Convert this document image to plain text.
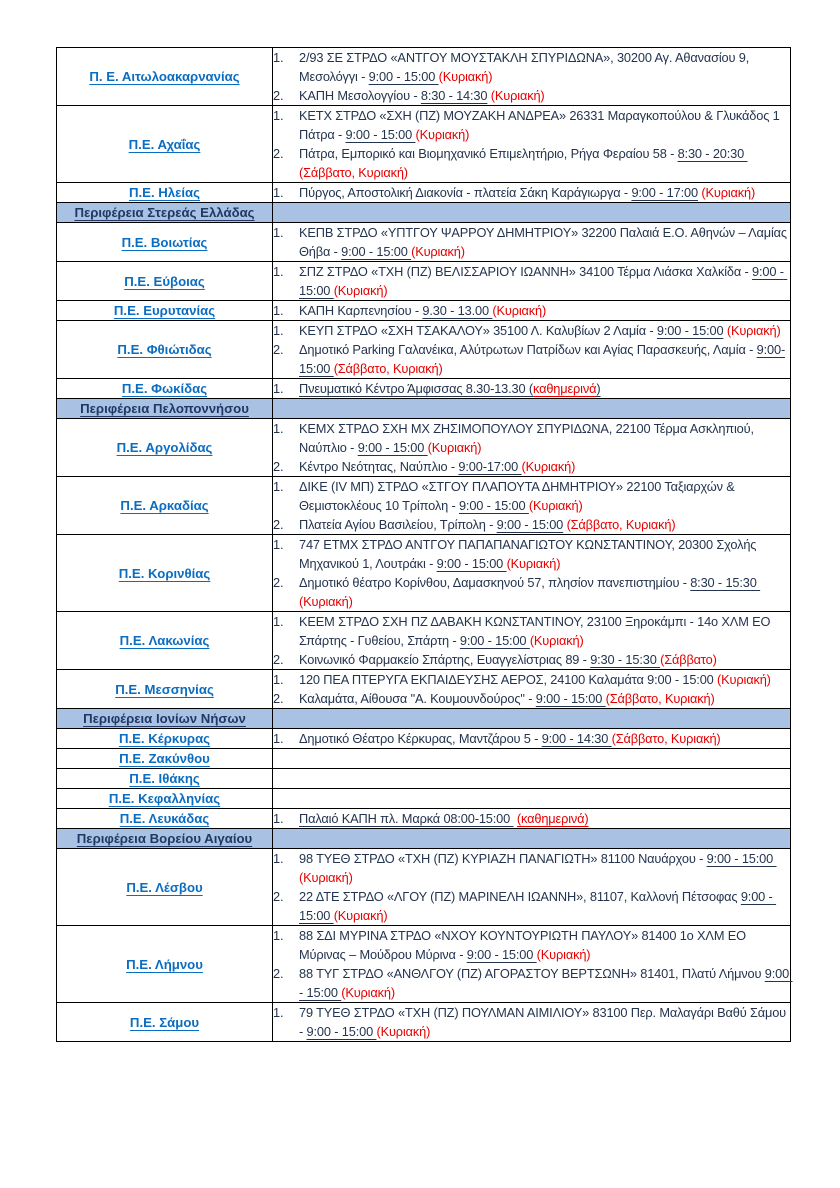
Π. Ε. Αιτωλοακαρνανίας	1. 2/93 ΣΕ ΣΤΡΔΟ «ΑΝΤΓΟΥ ΜΟΥΣΤΑΚΛΗ ΣΠΥΡΙΔΩΝΑ», 30200 Αγ. Αθανασίου 9, Μεσολόγγι - 9:00 - 15:00 (Κυριακή)
2. ΚΑΠΗ Μεσολογγίου - 8:30 - 14:30 (Κυριακή)

Π.Ε. Αχαΐας	1. ΚΕΤΧ ΣΤΡΔΟ «ΣΧΗ (ΠΖ) ΜΟΥΖΑΚΗ ΑΝΔΡΕΑ» 26331 Μαραγκοπούλου & Γλυκάδος 1 Πάτρα - 9:00 - 15:00 (Κυριακή)
2. Πάτρα, Εμπορικό και Βιομηχανικό Επιμελητήριο, Ρήγα Φεραίου 58 - 8:30 - 20:30 (Σάββατο, Κυριακή)

Π.Ε. Ηλείας	1. Πύργος, Αποστολική Διακονία - πλατεία Σάκη Καράγιωργα - 9:00 - 17:00 (Κυριακή)

Περιφέρεια Στερεάς Ελλάδας	
Π.Ε. Βοιωτίας	1. ΚΕΠΒ ΣΤΡΔΟ «ΥΠΤΓΟΥ ΨΑΡΡΟΥ ΔΗΜΗΤΡΙΟΥ» 32200 Παλαιά Ε.Ο. Αθηνών – Λαμίας Θήβα - 9:00 - 15:00 (Κυριακή)

Π.Ε. Εύβοιας	1. ΣΠΖ ΣΤΡΔΟ «ΤΧΗ (ΠΖ) ΒΕΛΙΣΣΑΡΙΟΥ ΙΩΑΝΝΗ» 34100 Τέρμα Λιάσκα Χαλκίδα - 9:00 - 15:00 (Κυριακή)

Π.Ε. Ευρυτανίας	1. ΚΑΠΗ Καρπενησίου - 9.30 - 13.00 (Κυριακή)

Π.Ε. Φθιώτιδας	1. ΚΕΥΠ ΣΤΡΔΟ «ΣΧΗ ΤΣΑΚΑΛΟΥ» 35100 Λ. Καλυβίων 2 Λαμία - 9:00 - 15:00 (Κυριακή)
2. Δημοτικό Parking Γαλανέικα, Αλύτρωτων Πατρίδων και Αγίας Παρασκευής, Λαμία - 9:00-15:00 (Σάββατο, Κυριακή)

Π.Ε. Φωκίδας	1. Πνευματικό Κέντρο Άμφισσας 8.30-13.30 (καθημερινά)

Περιφέρεια Πελοποννήσου	
Π.Ε. Αργολίδας	1. ΚΕΜΧ ΣΤΡΔΟ ΣΧΗ ΜΧ ΖΗΣΙΜΟΠΟΥΛΟΥ ΣΠΥΡΙΔΩΝΑ, 22100 Τέρμα Ασκληπιού, Ναύπλιο - 9:00 - 15:00 (Κυριακή)
2. Κέντρο Νεότητας, Ναύπλιο - 9:00-17:00 (Κυριακή)

Π.Ε. Αρκαδίας	1. ΔΙΚΕ (IV ΜΠ) ΣΤΡΔΟ «ΣΤΓΟΥ ΠΛΑΠΟΥΤΑ ΔΗΜΗΤΡΙΟΥ» 22100 Ταξιαρχών & Θεμιστοκλέους 10 Τρίπολη - 9:00 - 15:00 (Κυριακή)
2. Πλατεία Αγίου Βασιλείου, Τρίπολη - 9:00 - 15:00 (Σάββατο, Κυριακή)

Π.Ε. Κορινθίας	1. 747 ΕΤΜΧ ΣΤΡΔΟ ΑΝΤΓΟΥ ΠΑΠΑΠΑΝΑΓΙΩΤΟΥ ΚΩΝΣΤΑΝΤΙΝΟΥ, 20300 Σχολής Μηχανικού 1, Λουτράκι - 9:00 - 15:00 (Κυριακή)
2. Δημοτικό θέατρο Κορίνθου, Δαμασκηνού 57, πλησίον πανεπιστημίου - 8:30 - 15:30 (Κυριακή)

Π.Ε. Λακωνίας	1. ΚΕΕΜ ΣΤΡΔΟ ΣΧΗ ΠΖ ΔΑΒΑΚΗ ΚΩΝΣΤΑΝΤΙΝΟΥ, 23100 Ξηροκάμπι - 14ο ΧΛΜ ΕΟ Σπάρτης - Γυθείου, Σπάρτη - 9:00 - 15:00 (Κυριακή)
2. Κοινωνικό Φαρμακείο Σπάρτης, Ευαγγελίστριας 89 - 9:30 - 15:30 (Σάββατο)

Π.Ε. Μεσσηνίας	1. 120 ΠΕΑ ΠΤΕΡΥΓΑ ΕΚΠΑΙΔΕΥΣΗΣ ΑΕΡΟΣ, 24100 Καλαμάτα 9:00 - 15:00 (Κυριακή)
2. Καλαμάτα, Αίθουσα "Α. Κουμουνδούρος" - 9:00 - 15:00 (Σάββατο, Κυριακή)

Περιφέρεια Ιονίων Νήσων	
Π.Ε. Κέρκυρας	1. Δημοτικό Θέατρο Κέρκυρας, Μαντζάρου 5 - 9:00 - 14:30 (Σάββατο, Κυριακή)

Π.Ε. Ζακύνθου	
Π.Ε. Ιθάκης	
Π.Ε. Κεφαλληνίας	
Π.Ε. Λευκάδας	1. Παλαιό ΚΑΠΗ πλ. Μαρκά 08:00-15:00  (καθημερινά)

Περιφέρεια Βορείου Αιγαίου	
Π.Ε. Λέσβου	1. 98 ΤΥΕΘ ΣΤΡΔΟ «ΤΧΗ (ΠΖ) ΚΥΡΙΑΖΗ ΠΑΝΑΓΙΩΤΗ» 81100 Ναυάρχου - 9:00 - 15:00 (Κυριακή)
2. 22 ΔΤΕ ΣΤΡΔΟ «ΛΓΟΥ (ΠΖ) ΜΑΡΙΝΕΛΗ ΙΩΑΝΝΗ», 81107, Καλλονή Πέτσοφας 9:00 - 15:00 (Κυριακή)

Π.Ε. Λήμνου	1. 88 ΣΔΙ ΜΥΡΙΝΑ ΣΤΡΔΟ «ΝΧΟΥ ΚΟΥΝΤΟΥΡΙΩΤΗ ΠΑΥΛΟΥ» 81400 1ο ΧΛΜ ΕΟ Μύρινας – Μούδρου Μύρινα - 9:00 - 15:00 (Κυριακή)
2. 88 ΤΥΓ ΣΤΡΔΟ «ΑΝΘΛΓΟΥ (ΠΖ) ΑΓΟΡΑΣΤΟΥ ΒΕΡΤΣΩΝΗ» 81401, Πλατύ Λήμνου 9:00 - 15:00 (Κυριακή)

Π.Ε. Σάμου	1. 79 ΤΥΕΘ ΣΤΡΔΟ «ΤΧΗ (ΠΖ) ΠΟΥΛΜΑΝ ΑΙΜΙΛΙΟΥ» 83100 Περ. Μαλαγάρι Βαθύ Σάμου - 9:00 - 15:00 (Κυριακή)
